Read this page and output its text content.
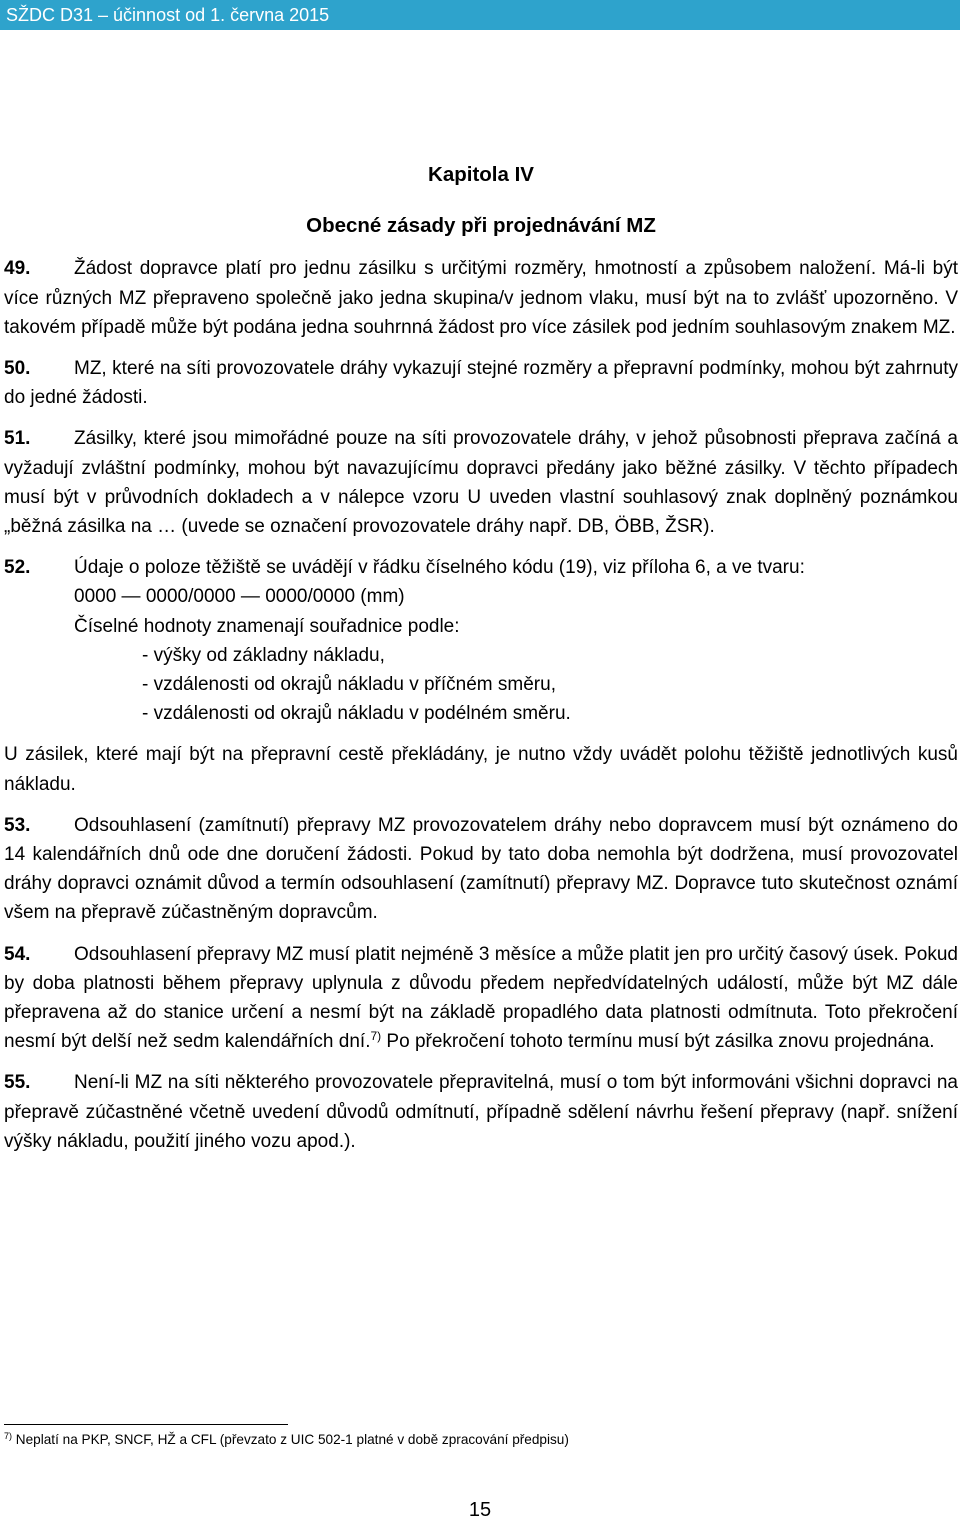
SŽDC D31 – účinnost od 1. června 2015
Kapitola IV
Obecné zásady při projednávání MZ

49. Žádost dopravce platí pro jednu zásilku s určitými rozměry, hmotností a způsobem naložení. Má-li být více různých MZ přepraveno společně jako jedna skupina/v jednom vlaku, musí být na to zvlášť upozorněno. V takovém případě může být podána jedna souhrnná žádost pro více zásilek pod jedním souhlasovým znakem MZ.

50. MZ, které na síti provozovatele dráhy vykazují stejné rozměry a přepravní podmínky, mohou být zahrnuty do jedné žádosti.

51. Zásilky, které jsou mimořádné pouze na síti provozovatele dráhy, v jehož působnosti přeprava začíná a vyžadují zvláštní podmínky, mohou být navazujícímu dopravci předány jako běžné zásilky. V těchto případech musí být v průvodních dokladech a v nálepce vzoru U uveden vlastní souhlasový znak doplněný poznámkou „běžná zásilka na … (uvede se označení provozovatele dráhy např. DB, ÖBB, ŽSR).

52. Údaje o poloze těžiště se uvádějí v řádku číselného kódu (19), viz příloha 6, a ve tvaru:
0000 — 0000/0000 — 0000/0000 (mm)
Číselné hodnoty znamenají souřadnice podle:
- výšky od základny nákladu,
- vzdálenosti od okrajů nákladu v příčném směru,
- vzdálenosti od okrajů nákladu v podélném směru.

U zásilek, které mají být na přepravní cestě překládány, je nutno vždy uvádět polohu těžiště jednotlivých kusů nákladu.

53. Odsouhlasení (zamítnutí) přepravy MZ provozovatelem dráhy nebo dopravcem musí být oznámeno do 14 kalendářních dnů ode dne doručení žádosti. Pokud by tato doba nemohla být dodržena, musí provozovatel dráhy dopravci oznámit důvod a termín odsouhlasení (zamítnutí) přepravy MZ. Dopravce tuto skutečnost oznámí všem na přepravě zúčastněným dopravcům.

54. Odsouhlasení přepravy MZ musí platit nejméně 3 měsíce a může platit jen pro určitý časový úsek. Pokud by doba platnosti během přepravy uplynula z důvodu předem nepředvídatelných událostí, může být MZ dále přepravena až do stanice určení a nesmí být na základě propadlého data platnosti odmítnuta. Toto překročení nesmí být delší než sedm kalendářních dní.$^{7)}$ Po překročení tohoto termínu musí být zásilka znovu projednána.

55. Není-li MZ na síti některého provozovatele přepravitelná, musí o tom být informováni všichni dopravci na přepravě zúčastněné včetně uvedení důvodů odmítnutí, případně sdělení návrhu řešení přepravy (např. snížení výšky nákladu, použití jiného vozu apod.).

$^{7)}$ Neplatí na PKP, SNCF, HŽ a CFL (převzato z UIC 502-1 platné v době zpracování předpisu)
15
